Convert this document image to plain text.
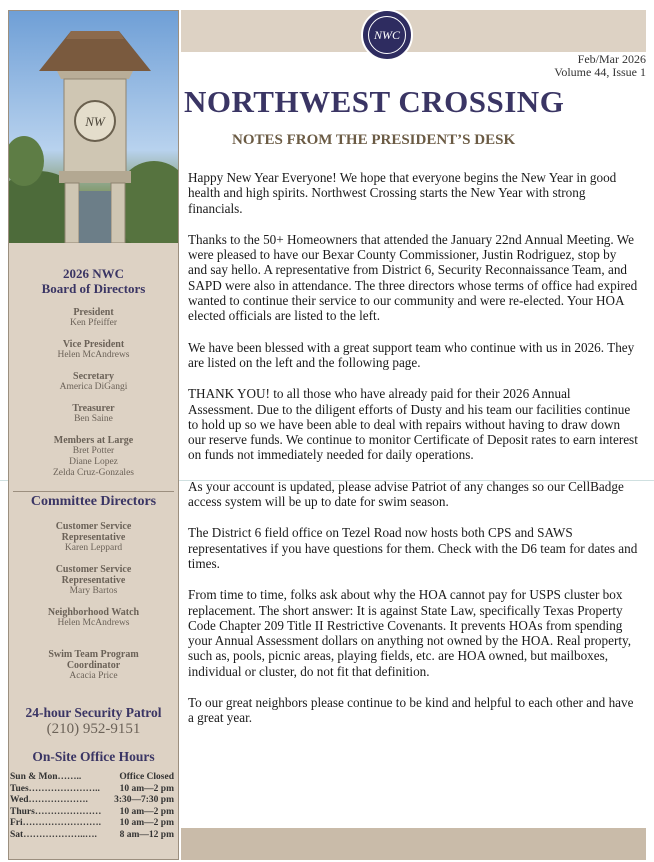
NW
2026 NWC
Board of Directors
President
Ken Pfeiffer
Vice President
Helen McAndrews
Secretary
America DiGangi
Treasurer
Ben Saine
Members at Large
Bret Potter
Diane Lopez
Zelda Cruz-Gonzales
Committee Directors
Customer Service
Representative
Karen Leppard
Customer Service
Representative
Mary Bartos
Neighborhood Watch
Helen McAndrews
Swim Team Program
Coordinator
Acacia Price
24-hour Security Patrol
(210) 952-9151
On-Site Office Hours
Sun & Mon……..	Office Closed
Tues………………….. 10 am—2 pm
Wed……………….	3:30—7:30 pm
Thurs………………… 10 am—2 pm
Fri……………………. 10 am—2 pm
Sat………………..…. 8 am—12 pm
NWC
Feb/Mar 2026
Volume 44, Issue 1
NORTHWEST CROSSING
NOTES FROM THE PRESIDENT’S DESK

Happy New Year Everyone! We hope that everyone begins the New Year in good health and high spirits. Northwest Crossing starts the New Year with strong financials.

Thanks to the 50+ Homeowners that attended the January 22nd Annual Meeting. We were pleased to have our Bexar County Commissioner, Justin Rodriguez, stop by and say hello. A representative from District 6, Security Reconnaissance Team, and SAPD were also in attendance. The three directors whose terms of office had expired wanted to continue their service to our community and were re-elected. Your HOA elected officials are listed to the left.

We have been blessed with a great support team who continue with us in 2026. They are listed on the left and the following page.

THANK YOU! to all those who have already paid for their 2026 Annual Assessment. Due to the diligent efforts of Dusty and his team our facilities continue to hold up so we have been able to deal with repairs without having to draw down our reserve funds. We continue to monitor Certificate of Deposit rates to earn interest on funds not immediately needed for daily operations.

As your account is updated, please advise Patriot of any changes so our CellBadge access system will be up to date for swim season.

The District 6 field office on Tezel Road now hosts both CPS and SAWS representatives if you have questions for them. Check with the D6 team for dates and times.

From time to time, folks ask about why the HOA cannot pay for USPS cluster box replacement. The short answer: It is against State Law, specifically Texas Property Code Chapter 209 Title II Restrictive Covenants. It prevents HOAs from spending your Annual Assessment dollars on anything not owned by the HOA. Real property, such as, pools, picnic areas, playing fields, etc. are HOA owned, but mailboxes, individual or cluster, do not fit that definition.

To our great neighbors please continue to be kind and helpful to each other and have a great year.
